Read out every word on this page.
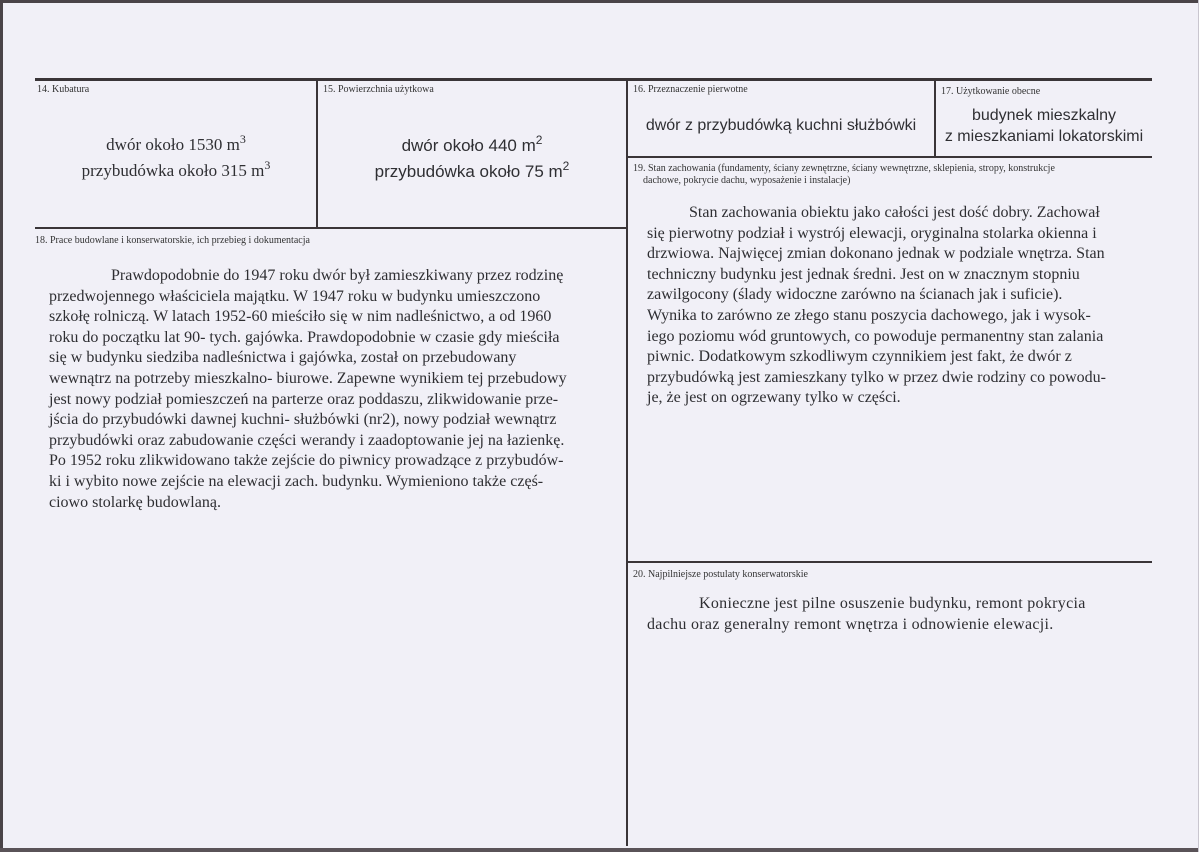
14. Kubatura
dwór około 1530 $m^3$
przybudówka około 315 $m^3$
15. Powierzchnia użytkowa
dwór około 440 $m^2$
przybudówka około 75 $m^2$
16. Przeznaczenie pierwotne
dwór z przybudówką kuchni służbówki
17. Użytkowanie obecne
budynek mieszkalny
z mieszkaniami lokatorskimi
18. Prace budowlane i konserwatorskie, ich przebieg i dokumentacja
Prawdopodobnie do 1947 roku dwór był zamieszkiwany przez rodzinę
przedwojennego właściciela majątku. W 1947 roku w budynku umieszczono
szkołę rolniczą. W latach 1952-60 mieściło się w nim nadleśnictwo, a od 1960
roku do początku lat 90- tych. gajówka. Prawdopodobnie w czasie gdy mieściła
się w budynku siedziba nadleśnictwa i gajówka, został on przebudowany
wewnątrz na potrzeby mieszkalno- biurowe. Zapewne wynikiem tej przebudowy
jest nowy podział pomieszczeń na parterze oraz poddaszu, zlikwidowanie prze-
jścia do przybudówki dawnej kuchni- służbówki (nr2), nowy podział wewnątrz
przybudówki oraz zabudowanie części werandy i zaadoptowanie jej na łazienkę.
Po 1952 roku zlikwidowano także zejście do piwnicy prowadzące z przybudów-
ki i wybito nowe zejście na elewacji zach. budynku. Wymieniono także częś-
ciowo stolarkę budowlaną.
19. Stan zachowania (fundamenty, ściany zewnętrzne, ściany wewnętrzne, sklepienia, stropy, konstrukcje
dachowe, pokrycie dachu, wyposażenie i instalacje)
Stan zachowania obiektu jako całości jest dość dobry. Zachował
się pierwotny podział i wystrój elewacji, oryginalna stolarka okienna i
drzwiowa. Najwięcej zmian dokonano jednak w podziale wnętrza. Stan
techniczny budynku jest jednak średni. Jest on w znacznym stopniu
zawilgocony (ślady widoczne zarówno na ścianach jak i suficie).
Wynika to zarówno ze złego stanu poszycia dachowego, jak i wysok-
iego poziomu wód gruntowych, co powoduje permanentny stan zalania
piwnic. Dodatkowym szkodliwym czynnikiem jest fakt, że dwór z
przybudówką jest zamieszkany tylko w przez dwie rodziny co powodu-
je, że jest on ogrzewany tylko w części.
20. Najpilniejsze postulaty konserwatorskie
Konieczne jest pilne osuszenie budynku, remont pokrycia
dachu oraz generalny remont wnętrza i odnowienie elewacji.
